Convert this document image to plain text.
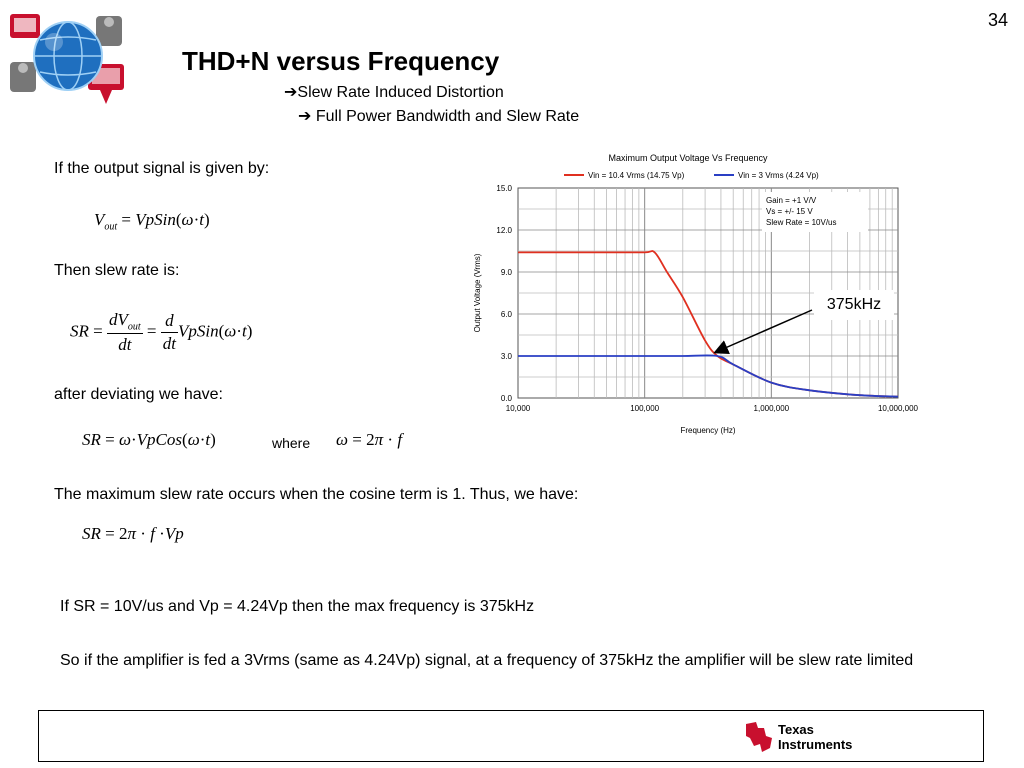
34
THD+N versus Frequency
➔Slew Rate Induced Distortion
➔ Full Power Bandwidth and Slew Rate
If the output signal is given by:
$V_{out}$ = VpSin(ω·t)
Then slew rate is:
SR = $\frac{dV_{out}}{dt} = \frac{d}{dt}$ VpSin(ω·t)
after deviating we have:
SR = ω·VpCos(ω·t)	where ω = 2π · f
The maximum slew rate occurs when the cosine term is 1. Thus, we have:
SR = 2π · f ·Vp
If SR = 10V/us and Vp = 4.24Vp then the max frequency is 375kHz
So if the amplifier is fed a 3Vrms (same as 4.24Vp) signal, at a frequency of 375kHz the amplifier will be slew rate limited
Maximum Output Voltage Vs Frequency
Vin = 10.4 Vrms (14.75 Vp)	Vin = 3 Vrms (4.24 Vp)
Gain = +1 V/V
Vs = +/- 15 V
Slew Rate = 10V/us
0.0
3.0
6.0
9.0
12.0
15.0
10,000	100,000	1,000,000	10,000,000
Frequency (Hz)
Output Voltage (Vrms)	375kHz
Texas
Instruments
